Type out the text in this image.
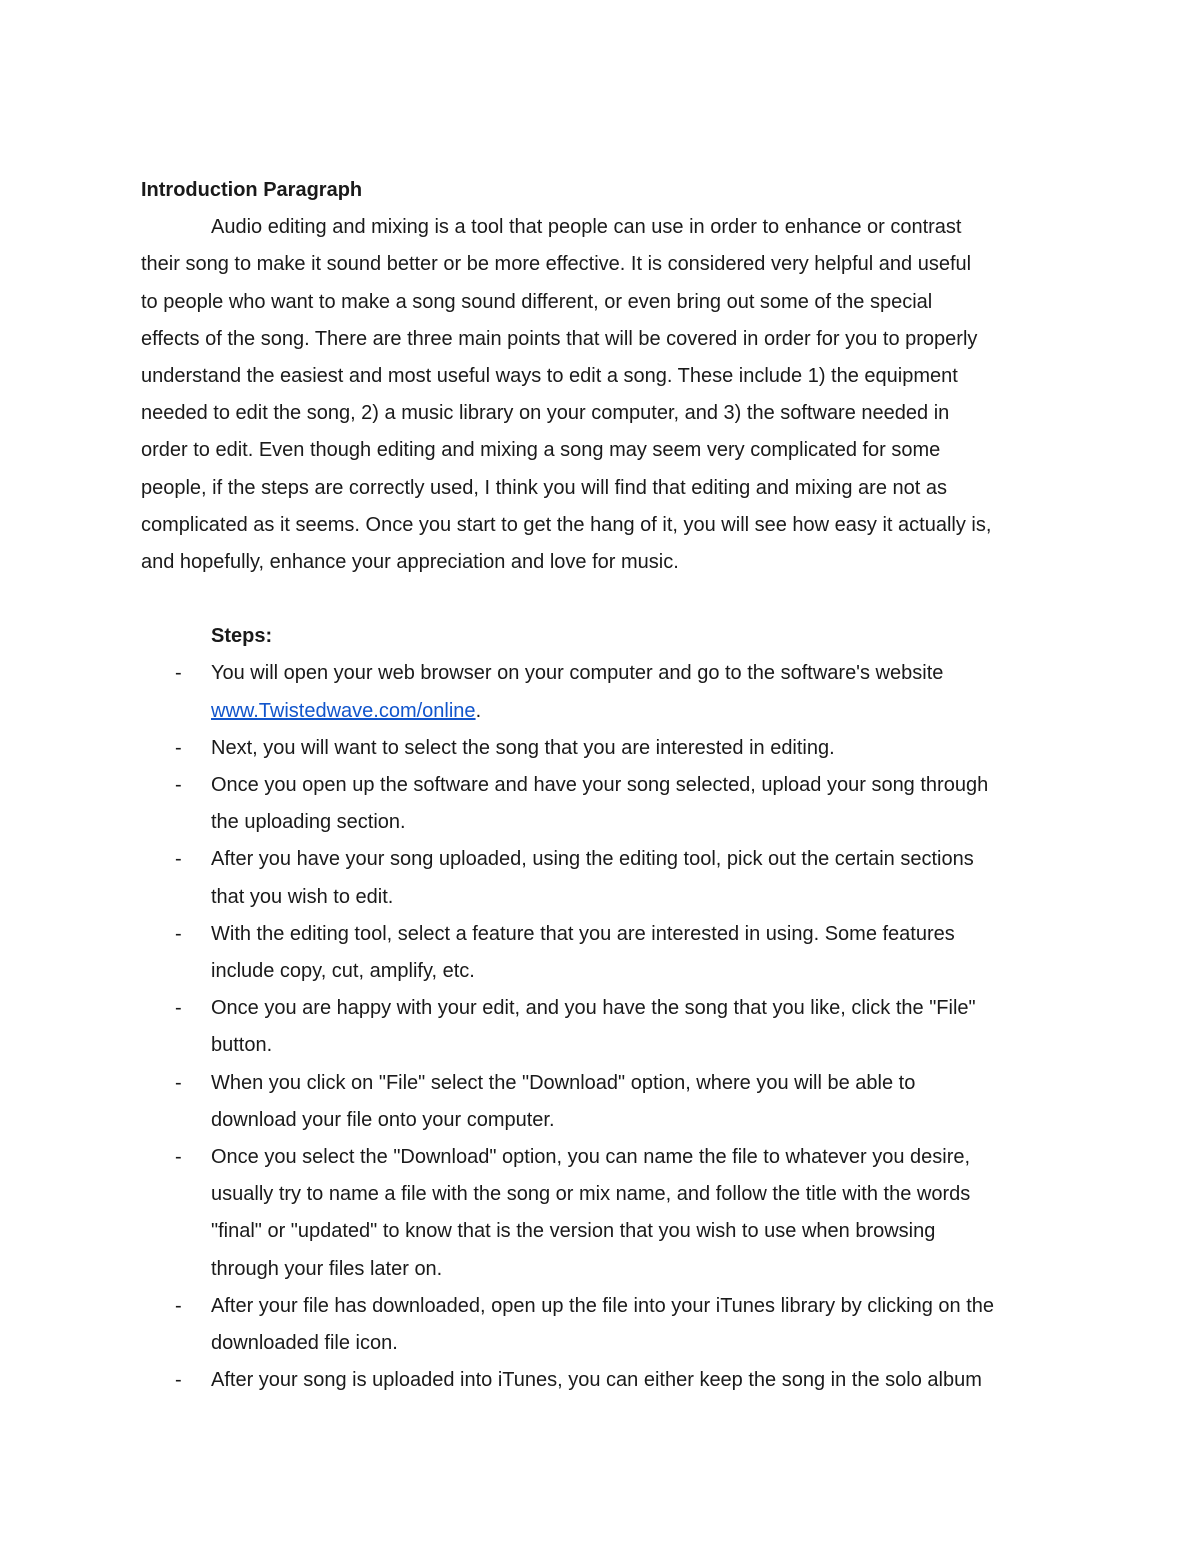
Introduction Paragraph

Audio editing and mixing is a tool that people can use in order to enhance or contrast
their song to make it sound better or be more effective. It is considered very helpful and useful
to people who want to make a song sound different, or even bring out some of the special
effects of the song. There are three main points that will be covered in order for you to properly
understand the easiest and most useful ways to edit a song. These include 1) the equipment
needed to edit the song, 2) a music library on your computer, and 3) the software needed in
order to edit. Even though editing and mixing a song may seem very complicated for some
people, if the steps are correctly used, I think you will find that editing and mixing are not as
complicated as it seems. Once you start to get the hang of it, you will see how easy it actually is,
and hopefully, enhance your appreciation and love for music.

Steps:

- You will open your web browser on your computer and go to the software's website
www.Twistedwave.com/online.
- Next, you will want to select the song that you are interested in editing.
- Once you open up the software and have your song selected, upload your song through
the uploading section.
- After you have your song uploaded, using the editing tool, pick out the certain sections
that you wish to edit.
- With the editing tool, select a feature that you are interested in using. Some features
include copy, cut, amplify, etc.
- Once you are happy with your edit, and you have the song that you like, click the "File"
button.
- When you click on "File" select the "Download" option, where you will be able to
download your file onto your computer.
- Once you select the "Download" option, you can name the file to whatever you desire,
usually try to name a file with the song or mix name, and follow the title with the words
"final" or "updated" to know that is the version that you wish to use when browsing
through your files later on.
- After your file has downloaded, open up the file into your iTunes library by clicking on the
downloaded file icon.
- After your song is uploaded into iTunes, you can either keep the song in the solo album
